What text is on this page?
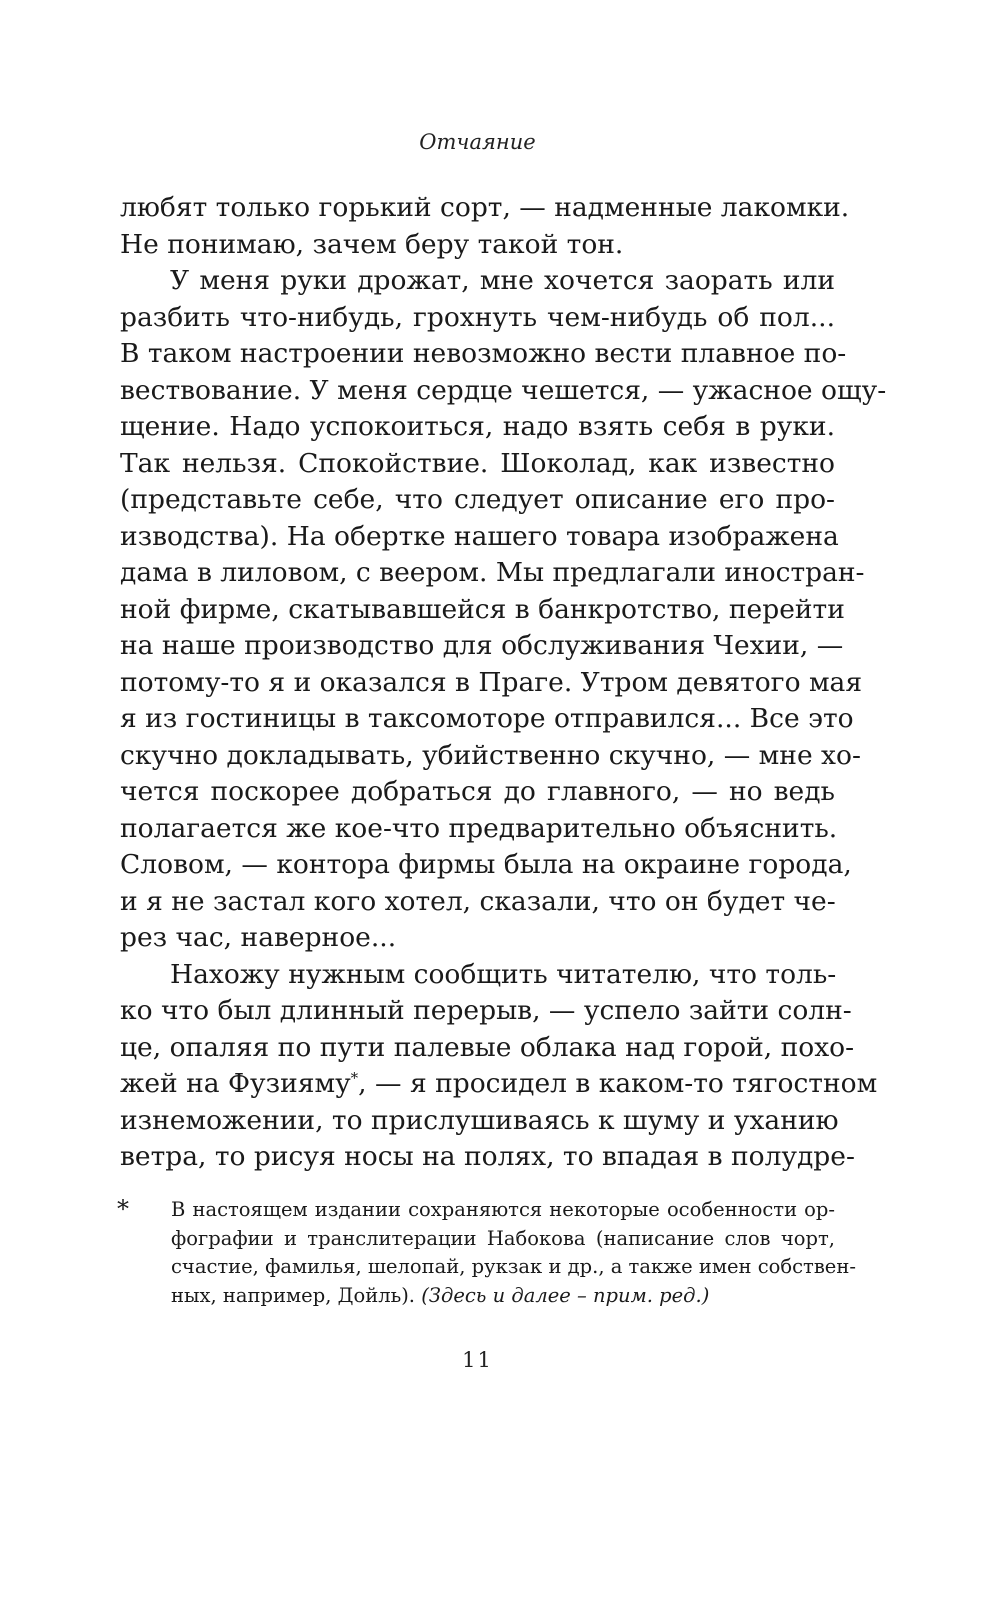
Отчаяние
любят только горький сорт, — надменные лакомки.
Не понимаю, зачем беру такой тон.
У меня руки дрожат, мне хочется заорать или
разбить что-нибудь, грохнуть чем-нибудь об пол...
В таком настроении невозможно вести плавное по-
вествование. У меня сердце чешется, — ужасное ощу-
щение. Надо успокоиться, надо взять себя в руки.
Так нельзя. Спокойствие. Шоколад, как известно
(представьте себе, что следует описание его про-
изводства). На обертке нашего товара изображена
дама в лиловом, с веером. Мы предлагали иностран-
ной фирме, скатывавшейся в банкротство, перейти
на наше производство для обслуживания Чехии, —
потому-то я и оказался в Праге. Утром девятого мая
я из гостиницы в таксомоторе отправился... Все это
скучно докладывать, убийственно скучно, — мне хо-
чется поскорее добраться до главного, — но ведь
полагается же кое-что предварительно объяснить.
Словом, — контора фирмы была на окраине города,
и я не застал кого хотел, сказали, что он будет че-
рез час, наверное...
Нахожу нужным сообщить читателю, что толь-
ко что был длинный перерыв, — успело зайти солн-
це, опаляя по пути палевые облака над горой, похо-
жей на Фузияму*, — я просидел в каком-то тягостном
изнеможении, то прислушиваясь к шуму и уханию
ветра, то рисуя носы на полях, то впадая в полудре-
* В настоящем издании сохраняются некоторые особенности ор-
фографии и транслитерации Набокова (написание слов чорт,
счастие, фамилья, шелопай, рукзак и др., а также имен собствен-
ных, например, Дойль). (Здесь и далее – прим. ред.)
11
